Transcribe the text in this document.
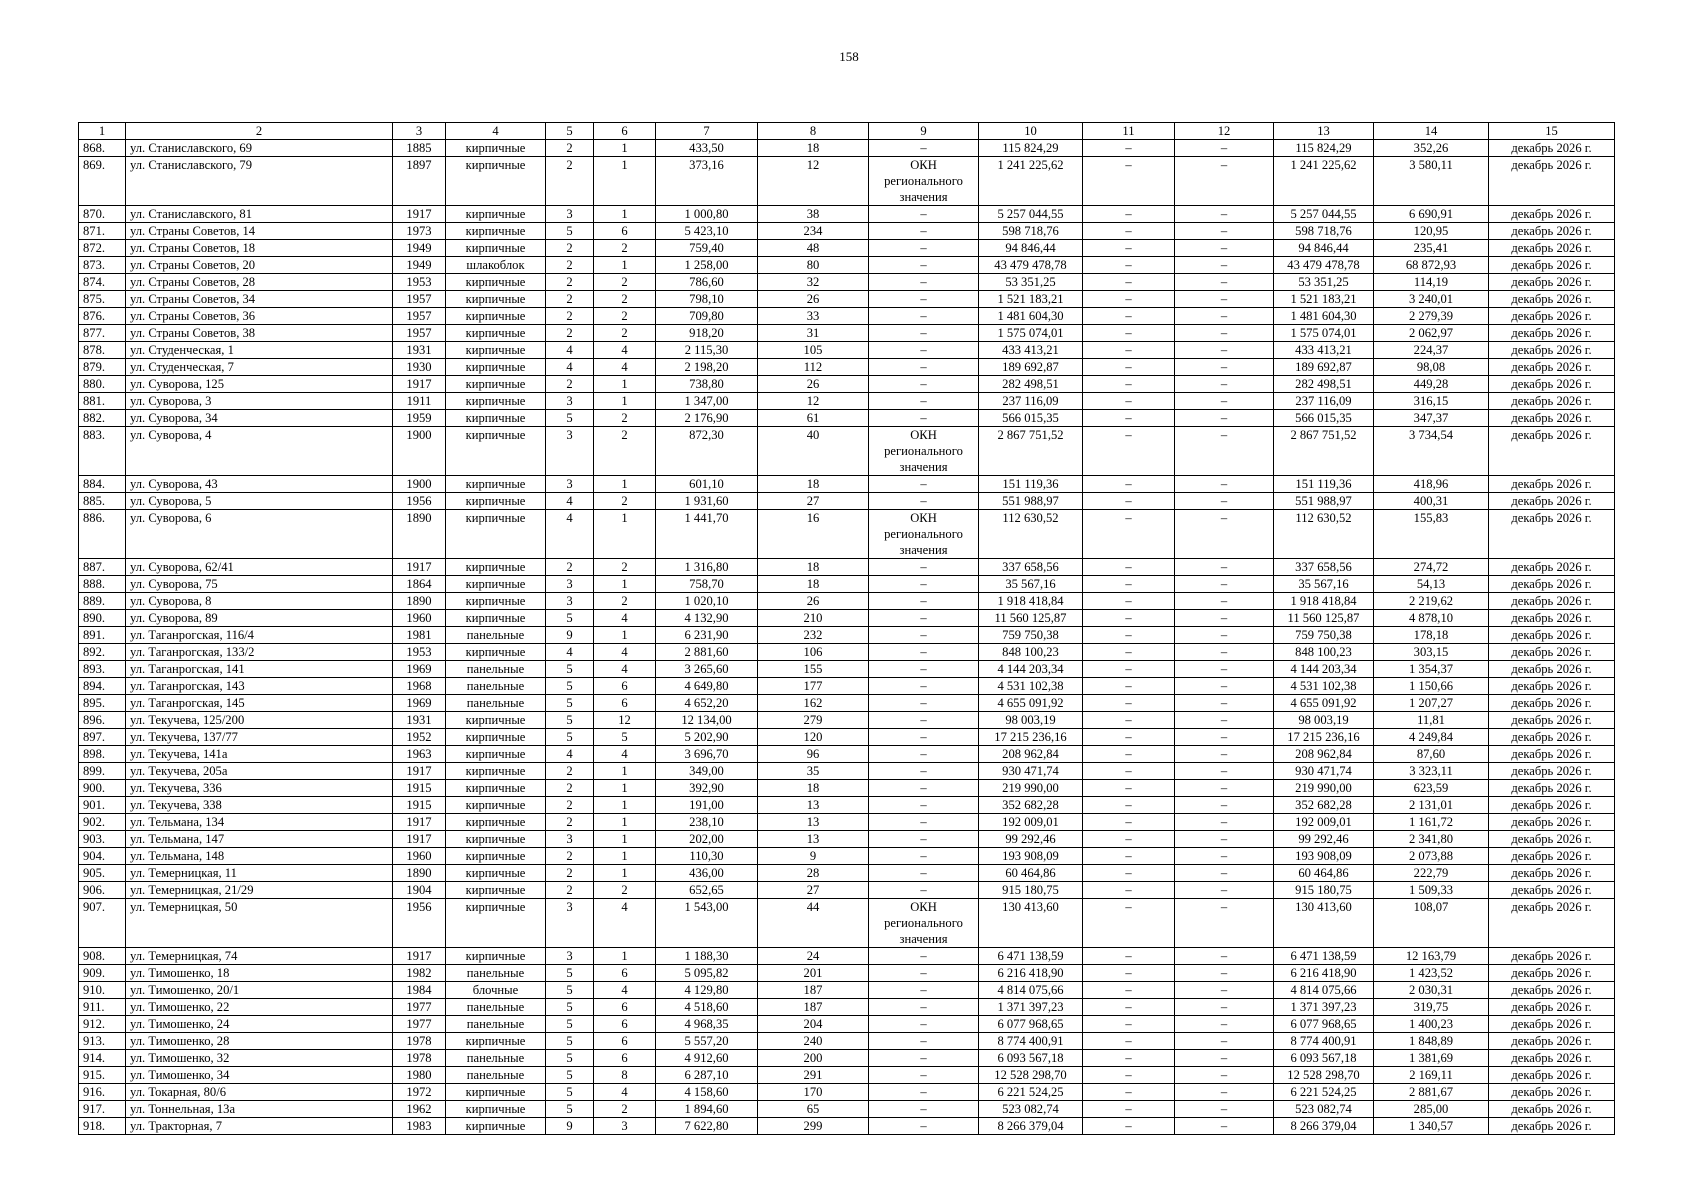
158
1	2	3	4	5	6	7	8	9	10	11	12	13	14	15
868.	ул. Станиславского, 69	1885	кирпичные	2	1	433,50	18	–	115 824,29	–	–	115 824,29	352,26	декабрь 2026 г.
869.	ул. Станиславского, 79	1897	кирпичные	2	1	373,16	12	ОКН регионального значения	1 241 225,62	–	–	1 241 225,62	3 580,11	декабрь 2026 г.
870.	ул. Станиславского, 81	1917	кирпичные	3	1	1 000,80	38	–	5 257 044,55	–	–	5 257 044,55	6 690,91	декабрь 2026 г.
871.	ул. Страны Советов, 14	1973	кирпичные	5	6	5 423,10	234	–	598 718,76	–	–	598 718,76	120,95	декабрь 2026 г.
872.	ул. Страны Советов, 18	1949	кирпичные	2	2	759,40	48	–	94 846,44	–	–	94 846,44	235,41	декабрь 2026 г.
873.	ул. Страны Советов, 20	1949	шлакоблок	2	1	1 258,00	80	–	43 479 478,78	–	–	43 479 478,78	68 872,93	декабрь 2026 г.
874.	ул. Страны Советов, 28	1953	кирпичные	2	2	786,60	32	–	53 351,25	–	–	53 351,25	114,19	декабрь 2026 г.
875.	ул. Страны Советов, 34	1957	кирпичные	2	2	798,10	26	–	1 521 183,21	–	–	1 521 183,21	3 240,01	декабрь 2026 г.
876.	ул. Страны Советов, 36	1957	кирпичные	2	2	709,80	33	–	1 481 604,30	–	–	1 481 604,30	2 279,39	декабрь 2026 г.
877.	ул. Страны Советов, 38	1957	кирпичные	2	2	918,20	31	–	1 575 074,01	–	–	1 575 074,01	2 062,97	декабрь 2026 г.
878.	ул. Студенческая, 1	1931	кирпичные	4	4	2 115,30	105	–	433 413,21	–	–	433 413,21	224,37	декабрь 2026 г.
879.	ул. Студенческая, 7	1930	кирпичные	4	4	2 198,20	112	–	189 692,87	–	–	189 692,87	98,08	декабрь 2026 г.
880.	ул. Суворова, 125	1917	кирпичные	2	1	738,80	26	–	282 498,51	–	–	282 498,51	449,28	декабрь 2026 г.
881.	ул. Суворова, 3	1911	кирпичные	3	1	1 347,00	12	–	237 116,09	–	–	237 116,09	316,15	декабрь 2026 г.
882.	ул. Суворова, 34	1959	кирпичные	5	2	2 176,90	61	–	566 015,35	–	–	566 015,35	347,37	декабрь 2026 г.
883.	ул. Суворова, 4	1900	кирпичные	3	2	872,30	40	ОКН регионального значения	2 867 751,52	–	–	2 867 751,52	3 734,54	декабрь 2026 г.
884.	ул. Суворова, 43	1900	кирпичные	3	1	601,10	18	–	151 119,36	–	–	151 119,36	418,96	декабрь 2026 г.
885.	ул. Суворова, 5	1956	кирпичные	4	2	1 931,60	27	–	551 988,97	–	–	551 988,97	400,31	декабрь 2026 г.
886.	ул. Суворова, 6	1890	кирпичные	4	1	1 441,70	16	ОКН регионального значения	112 630,52	–	–	112 630,52	155,83	декабрь 2026 г.
887.	ул. Суворова, 62/41	1917	кирпичные	2	2	1 316,80	18	–	337 658,56	–	–	337 658,56	274,72	декабрь 2026 г.
888.	ул. Суворова, 75	1864	кирпичные	3	1	758,70	18	–	35 567,16	–	–	35 567,16	54,13	декабрь 2026 г.
889.	ул. Суворова, 8	1890	кирпичные	3	2	1 020,10	26	–	1 918 418,84	–	–	1 918 418,84	2 219,62	декабрь 2026 г.
890.	ул. Суворова, 89	1960	кирпичные	5	4	4 132,90	210	–	11 560 125,87	–	–	11 560 125,87	4 878,10	декабрь 2026 г.
891.	ул. Таганрогская, 116/4	1981	панельные	9	1	6 231,90	232	–	759 750,38	–	–	759 750,38	178,18	декабрь 2026 г.
892.	ул. Таганрогская, 133/2	1953	кирпичные	4	4	2 881,60	106	–	848 100,23	–	–	848 100,23	303,15	декабрь 2026 г.
893.	ул. Таганрогская, 141	1969	панельные	5	4	3 265,60	155	–	4 144 203,34	–	–	4 144 203,34	1 354,37	декабрь 2026 г.
894.	ул. Таганрогская, 143	1968	панельные	5	6	4 649,80	177	–	4 531 102,38	–	–	4 531 102,38	1 150,66	декабрь 2026 г.
895.	ул. Таганрогская, 145	1969	панельные	5	6	4 652,20	162	–	4 655 091,92	–	–	4 655 091,92	1 207,27	декабрь 2026 г.
896.	ул. Текучева, 125/200	1931	кирпичные	5	12	12 134,00	279	–	98 003,19	–	–	98 003,19	11,81	декабрь 2026 г.
897.	ул. Текучева, 137/77	1952	кирпичные	5	5	5 202,90	120	–	17 215 236,16	–	–	17 215 236,16	4 249,84	декабрь 2026 г.
898.	ул. Текучева, 141а	1963	кирпичные	4	4	3 696,70	96	–	208 962,84	–	–	208 962,84	87,60	декабрь 2026 г.
899.	ул. Текучева, 205а	1917	кирпичные	2	1	349,00	35	–	930 471,74	–	–	930 471,74	3 323,11	декабрь 2026 г.
900.	ул. Текучева, 336	1915	кирпичные	2	1	392,90	18	–	219 990,00	–	–	219 990,00	623,59	декабрь 2026 г.
901.	ул. Текучева, 338	1915	кирпичные	2	1	191,00	13	–	352 682,28	–	–	352 682,28	2 131,01	декабрь 2026 г.
902.	ул. Тельмана, 134	1917	кирпичные	2	1	238,10	13	–	192 009,01	–	–	192 009,01	1 161,72	декабрь 2026 г.
903.	ул. Тельмана, 147	1917	кирпичные	3	1	202,00	13	–	99 292,46	–	–	99 292,46	2 341,80	декабрь 2026 г.
904.	ул. Тельмана, 148	1960	кирпичные	2	1	110,30	9	–	193 908,09	–	–	193 908,09	2 073,88	декабрь 2026 г.
905.	ул. Темерницкая, 11	1890	кирпичные	2	1	436,00	28	–	60 464,86	–	–	60 464,86	222,79	декабрь 2026 г.
906.	ул. Темерницкая, 21/29	1904	кирпичные	2	2	652,65	27	–	915 180,75	–	–	915 180,75	1 509,33	декабрь 2026 г.
907.	ул. Темерницкая, 50	1956	кирпичные	3	4	1 543,00	44	ОКН регионального значения	130 413,60	–	–	130 413,60	108,07	декабрь 2026 г.
908.	ул. Темерницкая, 74	1917	кирпичные	3	1	1 188,30	24	–	6 471 138,59	–	–	6 471 138,59	12 163,79	декабрь 2026 г.
909.	ул. Тимошенко, 18	1982	панельные	5	6	5 095,82	201	–	6 216 418,90	–	–	6 216 418,90	1 423,52	декабрь 2026 г.
910.	ул. Тимошенко, 20/1	1984	блочные	5	4	4 129,80	187	–	4 814 075,66	–	–	4 814 075,66	2 030,31	декабрь 2026 г.
911.	ул. Тимошенко, 22	1977	панельные	5	6	4 518,60	187	–	1 371 397,23	–	–	1 371 397,23	319,75	декабрь 2026 г.
912.	ул. Тимошенко, 24	1977	панельные	5	6	4 968,35	204	–	6 077 968,65	–	–	6 077 968,65	1 400,23	декабрь 2026 г.
913.	ул. Тимошенко, 28	1978	кирпичные	5	6	5 557,20	240	–	8 774 400,91	–	–	8 774 400,91	1 848,89	декабрь 2026 г.
914.	ул. Тимошенко, 32	1978	панельные	5	6	4 912,60	200	–	6 093 567,18	–	–	6 093 567,18	1 381,69	декабрь 2026 г.
915.	ул. Тимошенко, 34	1980	панельные	5	8	6 287,10	291	–	12 528 298,70	–	–	12 528 298,70	2 169,11	декабрь 2026 г.
916.	ул. Токарная, 80/6	1972	кирпичные	5	4	4 158,60	170	–	6 221 524,25	–	–	6 221 524,25	2 881,67	декабрь 2026 г.
917.	ул. Тоннельная, 13а	1962	кирпичные	5	2	1 894,60	65	–	523 082,74	–	–	523 082,74	285,00	декабрь 2026 г.
918.	ул. Тракторная, 7	1983	кирпичные	9	3	7 622,80	299	–	8 266 379,04	–	–	8 266 379,04	1 340,57	декабрь 2026 г.
